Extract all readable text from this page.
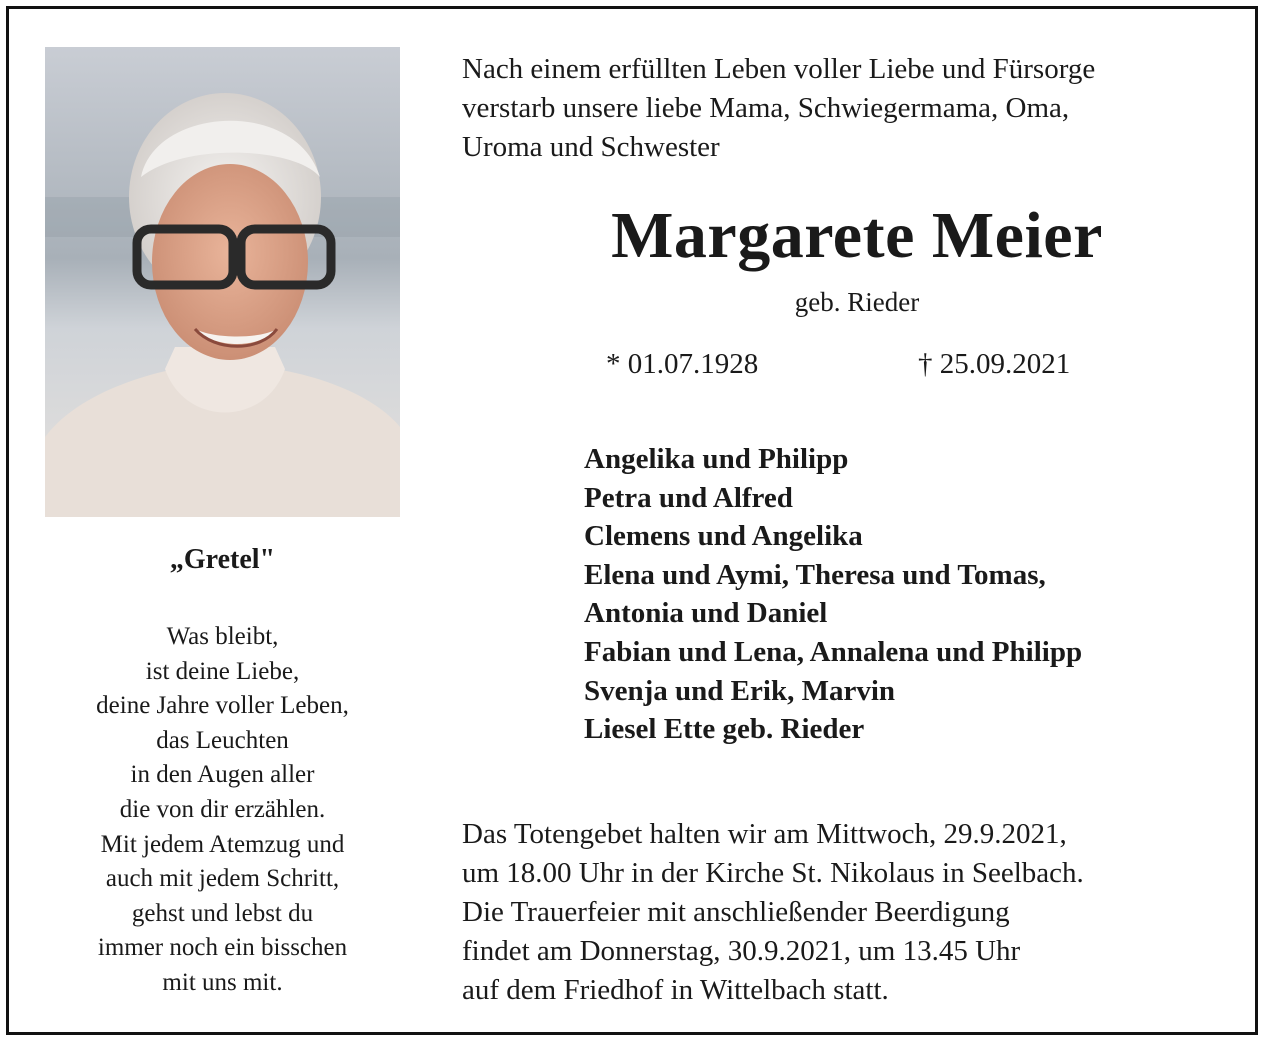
„Gretel"
Was bleibt,
ist deine Liebe,
deine Jahre voller Leben,
das Leuchten
in den Augen aller
die von dir erzählen.
Mit jedem Atemzug und
auch mit jedem Schritt,
gehst und lebst du
immer noch ein bisschen
mit uns mit.
Nach einem erfüllten Leben voller Liebe und Fürsorge
verstarb unsere liebe Mama, Schwiegermama, Oma,
Uroma und Schwester
Margarete Meier
geb. Rieder
* 01.07.1928	† 25.09.2021
Angelika und Philipp
Petra und Alfred
Clemens und Angelika
Elena und Aymi, Theresa und Tomas,
Antonia und Daniel
Fabian und Lena, Annalena und Philipp
Svenja und Erik, Marvin
Liesel Ette geb. Rieder
Das Totengebet halten wir am Mittwoch, 29.9.2021,
um 18.00 Uhr in der Kirche St. Nikolaus in Seelbach.
Die Trauerfeier mit anschließender Beerdigung
findet am Donnerstag, 30.9.2021, um 13.45 Uhr
auf dem Friedhof in Wittelbach statt.
